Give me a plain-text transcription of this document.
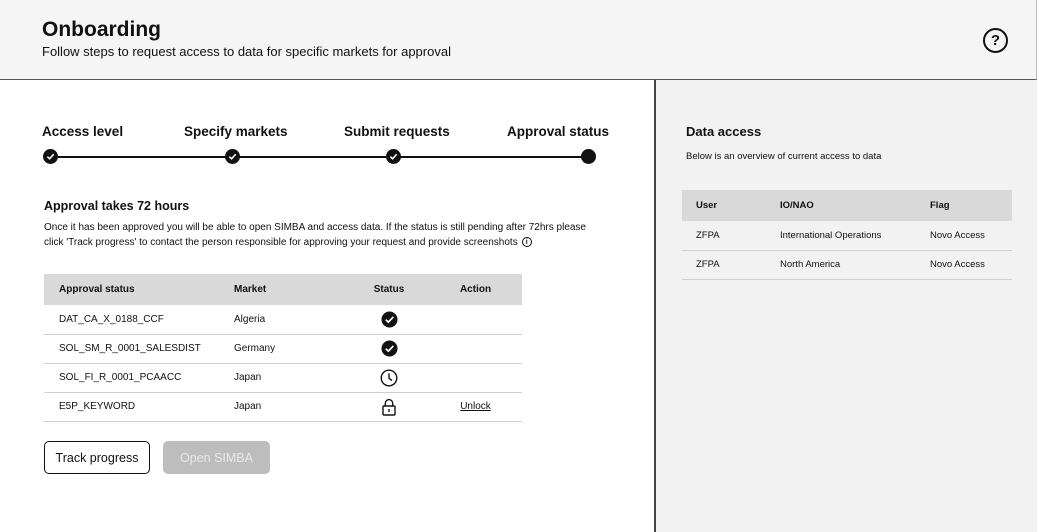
Onboarding
Follow steps to request access to data for specific markets for approval
?
Access level	Specify markets	Submit requests	Approval status
Approval takes 72 hours
Once it has been approved you will be able to open SIMBA and access data. If the status is still pending after 72hrs please click 'Track progress' to contact the person responsible for approving your request and provide screenshots i
Approval status	Market	Status	Action
DAT_CA_X_0188_CCF	Algeria		
SOL_SM_R_0001_SALESDIST	Germany		
SOL_FI_R_0001_PCAACC	Japan		
E5P_KEYWORD	Japan		Unlock
Track progress	Open SIMBA
Data access
Below is an overview of current access to data
User	IO/NAO	Flag
ZFPA	International Operations	Novo Access
ZFPA	North America	Novo Access
